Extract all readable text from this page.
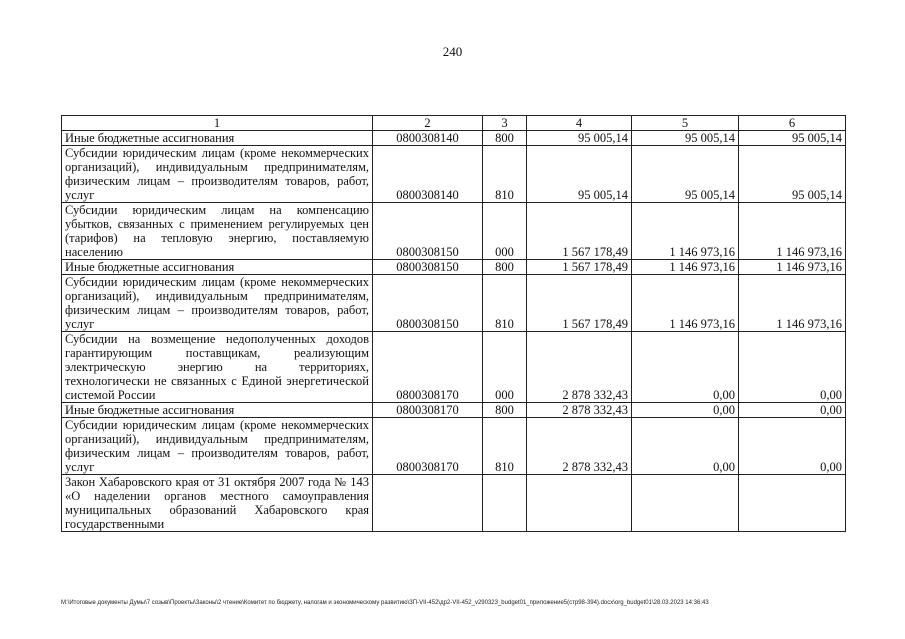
240
1	2	3	4	5	6
Иные бюджетные ассигнования	0800308140	800	95 005,14	95 005,14	95 005,14
Субсидии юридическим лицам (кроме некоммерческих организаций), индивидуальным предпринимателям, физическим лицам – производителям товаров, работ, услуг	0800308140	810	95 005,14	95 005,14	95 005,14
Субсидии юридическим лицам на компенсацию убытков, связанных с применением регулируемых цен (тарифов) на тепловую энергию, поставляемую населению	0800308150	000	1 567 178,49	1 146 973,16	1 146 973,16
Иные бюджетные ассигнования	0800308150	800	1 567 178,49	1 146 973,16	1 146 973,16
Субсидии юридическим лицам (кроме некоммерческих организаций), индивидуальным предпринимателям, физическим лицам – производителям товаров, работ, услуг	0800308150	810	1 567 178,49	1 146 973,16	1 146 973,16
Субсидии на возмещение недополученных доходов гарантирующим поставщикам, реализующим электрическую энергию на территориях, технологически не связанных с Единой энергетической системой России	0800308170	000	2 878 332,43	0,00	0,00
Иные бюджетные ассигнования	0800308170	800	2 878 332,43	0,00	0,00
Субсидии юридическим лицам (кроме некоммерческих организаций), индивидуальным предпринимателям, физическим лицам – производителям товаров, работ, услуг	0800308170	810	2 878 332,43	0,00	0,00
Закон Хабаровского края от 31 октября 2007 года № 143 «О наделении органов местного самоуправления муниципальных образований Хабаровского края государственными					
M:\Итоговые документы Думы\7 созыв\Проекты\Законы\2 чтение\Комитет по бюджету, налогам и экономическому развитию\ЗП-VII-452\др2-VII-452_v290323_budget01_приложение5(стр98-394).docx\org_budget01\28.03.2023 14:36:43
